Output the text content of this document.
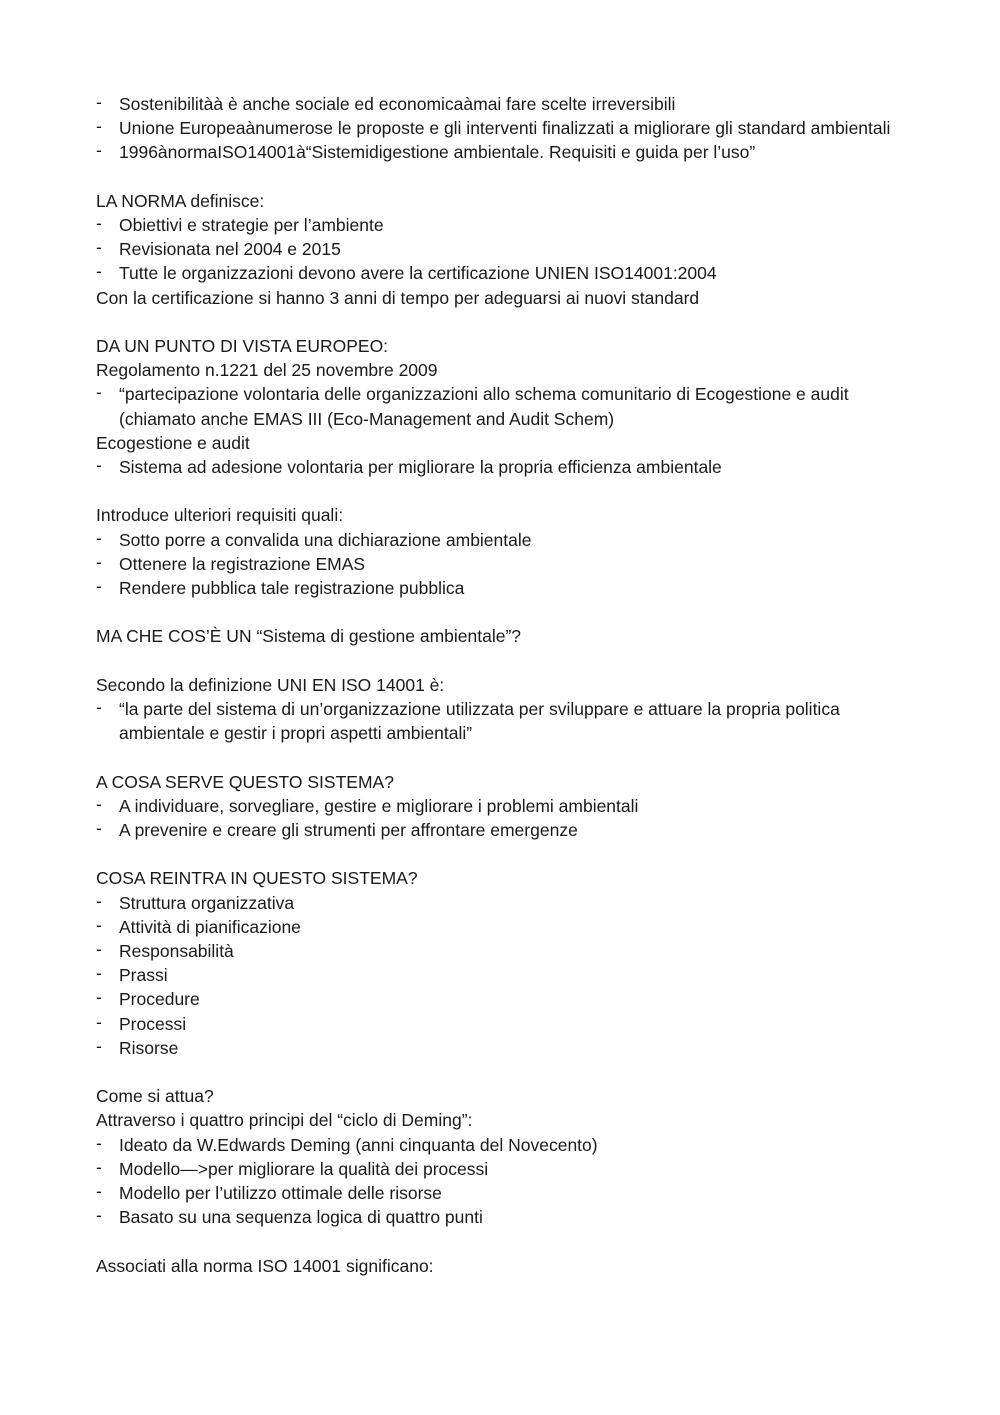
- Sostenibilitàà è anche sociale ed economicaàmai fare scelte irreversibili
- Unione Europeaànumerose le proposte e gli interventi finalizzati a migliorare gli standard ambientali
- 1996ànormaISO14001à“Sistemidigestione ambientale. Requisiti e guida per l’uso”

LA NORMA definisce:

- Obiettivi e strategie per l’ambiente
- Revisionata nel 2004 e 2015
- Tutte le organizzazioni devono avere la certificazione UNIEN ISO14001:2004

Con la certificazione si hanno 3 anni di tempo per adeguarsi ai nuovi standard

DA UN PUNTO DI VISTA EUROPEO:

Regolamento n.1221 del 25 novembre 2009

- “partecipazione volontaria delle organizzazioni allo schema comunitario di Ecogestione e audit (chiamato anche EMAS III (Eco-Management and Audit Schem)

Ecogestione e audit

- Sistema ad adesione volontaria per migliorare la propria efficienza ambientale

Introduce ulteriori requisiti quali:

- Sotto porre a convalida una dichiarazione ambientale
- Ottenere la registrazione EMAS
- Rendere pubblica tale registrazione pubblica

MA CHE COS’È UN “Sistema di gestione ambientale”?

Secondo la definizione UNI EN ISO 14001 è:

- “la parte del sistema di un’organizzazione utilizzata per sviluppare e attuare la propria politica ambientale e gestir i propri aspetti ambientali”

A COSA SERVE QUESTO SISTEMA?

- A individuare, sorvegliare, gestire e migliorare i problemi ambientali
- A prevenire e creare gli strumenti per affrontare emergenze

COSA REINTRA IN QUESTO SISTEMA?

- Struttura organizzativa
- Attività di pianificazione
- Responsabilità
- Prassi
- Procedure
- Processi
- Risorse

Come si attua?

Attraverso i quattro principi del “ciclo di Deming”:

- Ideato da W.Edwards Deming (anni cinquanta del Novecento)
- Modello—>per migliorare la qualità dei processi
- Modello per l’utilizzo ottimale delle risorse
- Basato su una sequenza logica di quattro punti

Associati alla norma ISO 14001 significano:
